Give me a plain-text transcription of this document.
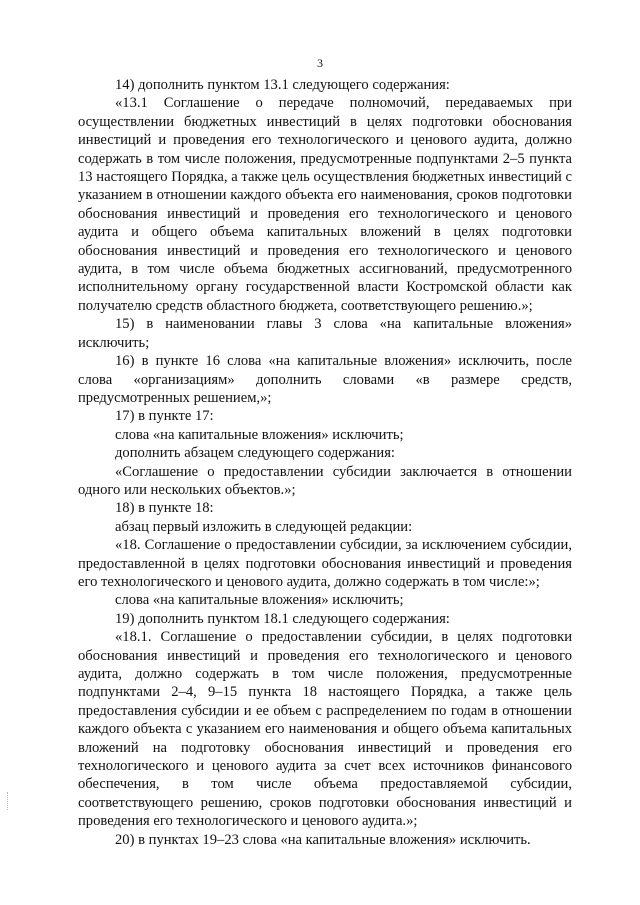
3

14) дополнить пунктом 13.1 следующего содержания:

«13.1 Соглашение о передаче полномочий, передаваемых при осуществлении бюджетных инвестиций в целях подготовки обоснования инвестиций и проведения его технологического и ценового аудита, должно содержать в том числе положения, предусмотренные подпунктами 2–5 пункта 13 настоящего Порядка, а также цель осуществления бюджетных инвестиций с указанием в отношении каждого объекта его наименования, сроков подготовки обоснования инвестиций и проведения его технологического и ценового аудита и общего объема капитальных вложений в целях подготовки обоснования инвестиций и проведения его технологического и ценового аудита, в том числе объема бюджетных ассигнований, предусмотренного исполнительному органу государственной власти Костромской области как получателю средств областного бюджета, соответствующего решению.»;

15) в наименовании главы 3 слова «на капитальные вложения» исключить;

16) в пункте 16 слова «на капитальные вложения» исключить, после слова «организациям» дополнить словами «в размере средств, предусмотренных решением,»;

17) в пункте 17:

слова «на капитальные вложения» исключить;

дополнить абзацем следующего содержания:

«Соглашение о предоставлении субсидии заключается в отношении одного или нескольких объектов.»;

18) в пункте 18:

абзац первый изложить в следующей редакции:

«18. Соглашение о предоставлении субсидии, за исключением субсидии, предоставленной в целях подготовки обоснования инвестиций и проведения его технологического и ценового аудита, должно содержать в том числе:»;

слова «на капитальные вложения» исключить;

19) дополнить пунктом 18.1 следующего содержания:

«18.1. Соглашение о предоставлении субсидии, в целях подготовки обоснования инвестиций и проведения его технологического и ценового аудита, должно содержать в том числе положения, предусмотренные подпунктами 2–4, 9–15 пункта 18 настоящего Порядка, а также цель предоставления субсидии и ее объем с распределением по годам в отношении каждого объекта с указанием его наименования и общего объема капитальных вложений на подготовку обоснования инвестиций и проведения его технологического и ценового аудита за счет всех источников финансового обеспечения, в том числе объема предоставляемой субсидии, соответствующего решению, сроков подготовки обоснования инвестиций и проведения его технологического и ценового аудита.»;

20) в пунктах 19–23 слова «на капитальные вложения» исключить.
